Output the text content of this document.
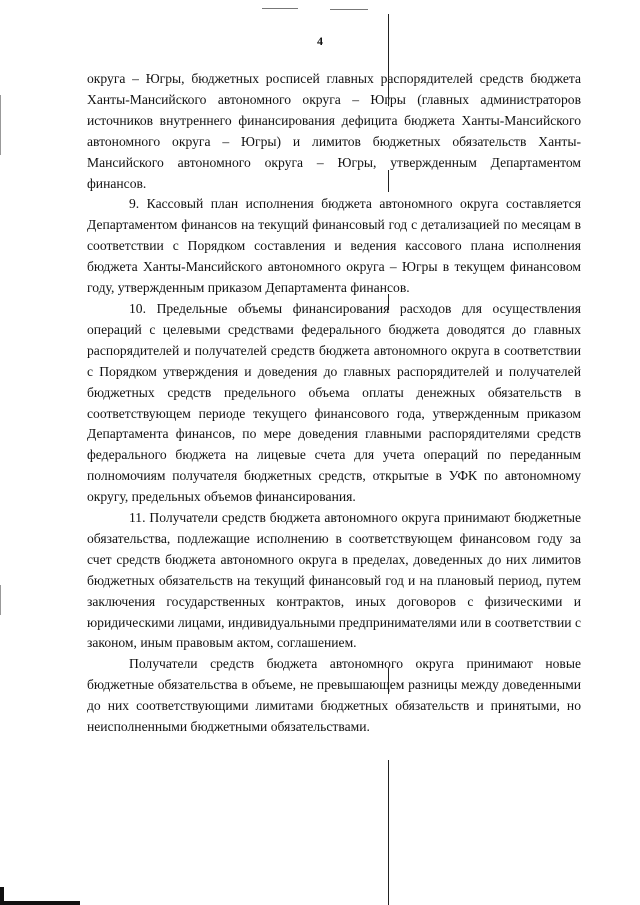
4

округа – Югры, бюджетных росписей главных распорядителей средств бюджета Ханты-Мансийского автономного округа – Югры (главных администраторов источников внутреннего финансирования дефицита бюджета Ханты-Мансийского автономного округа – Югры) и лимитов бюджетных обязательств Ханты-Мансийского автономного округа – Югры, утвержденным Департаментом финансов.

9. Кассовый план исполнения бюджета автономного округа составляется Департаментом финансов на текущий финансовый год с детализацией по месяцам в соответствии с Порядком составления и ведения кассового плана исполнения бюджета Ханты-Мансийского автономного округа – Югры в текущем финансовом году, утвержденным приказом Департамента финансов.

10. Предельные объемы финансирования расходов для осуществления операций с целевыми средствами федерального бюджета доводятся до главных распорядителей и получателей средств бюджета автономного округа в соответствии с Порядком утверждения и доведения до главных распорядителей и получателей бюджетных средств предельного объема оплаты денежных обязательств в соответствующем периоде текущего финансового года, утвержденным приказом Департамента финансов, по мере доведения главными распорядителями средств федерального бюджета на лицевые счета для учета операций по переданным полномочиям получателя бюджетных средств, открытые в УФК по автономному округу, предельных объемов финансирования.

11. Получатели средств бюджета автономного округа принимают бюджетные обязательства, подлежащие исполнению в соответствующем финансовом году за счет средств бюджета автономного округа в пределах, доведенных до них лимитов бюджетных обязательств на текущий финансовый год и на плановый период, путем заключения государственных контрактов, иных договоров с физическими и юридическими лицами, индивидуальными предпринимателями или в соответствии с законом, иным правовым актом, соглашением.

Получатели средств бюджета автономного округа принимают новые бюджетные обязательства в объеме, не превышающем разницы между доведенными до них соответствующими лимитами бюджетных обязательств и принятыми, но неисполненными бюджетными обязательствами.
